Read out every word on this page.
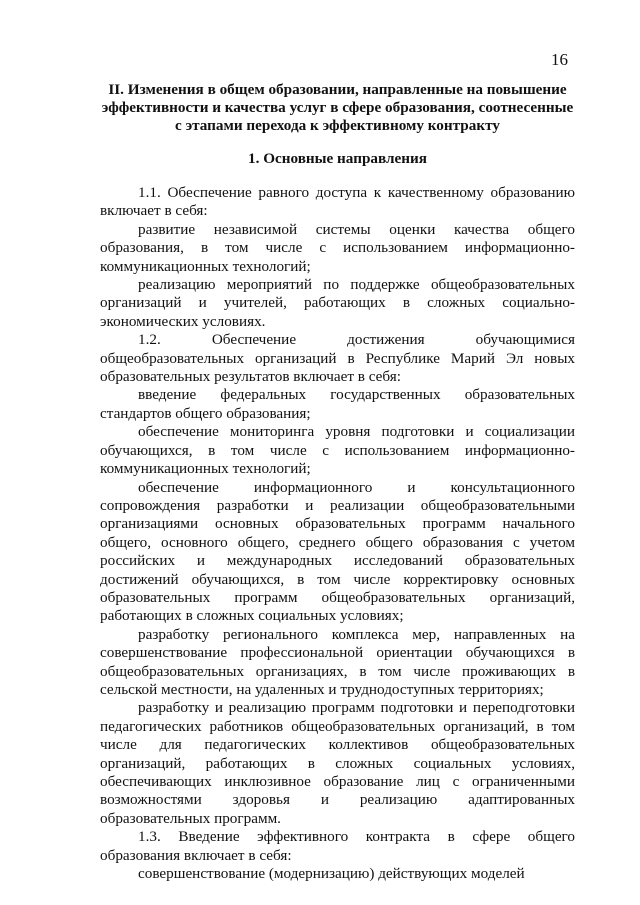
16
II. Изменения в общем образовании, направленные на повышение эффективности и качества услуг в сфере образования, соотнесенные с этапами перехода к эффективному контракту
1. Основные направления

1.1. Обеспечение равного доступа к качественному образованию включает в себя:

развитие независимой системы оценки качества общего образования, в том числе с использованием информационно-коммуникационных технологий;

реализацию мероприятий по поддержке общеобразовательных организаций и учителей, работающих в сложных социально-экономических условиях.

1.2. Обеспечение достижения обучающимися общеобразовательных организаций в Республике Марий Эл новых образовательных результатов включает в себя:

введение федеральных государственных образовательных стандартов общего образования;

обеспечение мониторинга уровня подготовки и социализации обучающихся, в том числе с использованием информационно-коммуникационных технологий;

обеспечение информационного и консультационного сопровождения разработки и реализации общеобразовательными организациями основных образовательных программ начального общего, основного общего, среднего общего образования с учетом российских и международных исследований образовательных достижений обучающихся, в том числе корректировку основных образовательных программ общеобразовательных организаций, работающих в сложных социальных условиях;

разработку регионального комплекса мер, направленных на совершенствование профессиональной ориентации обучающихся в общеобразовательных организациях, в том числе проживающих в сельской местности, на удаленных и труднодоступных территориях;

разработку и реализацию программ подготовки и переподготовки педагогических работников общеобразовательных организаций, в том числе для педагогических коллективов общеобразовательных организаций, работающих в сложных социальных условиях, обеспечивающих инклюзивное образование лиц с ограниченными возможностями здоровья и реализацию адаптированных образовательных программ.

1.3. Введение эффективного контракта в сфере общего образования включает в себя:

совершенствование (модернизацию) действующих моделей
